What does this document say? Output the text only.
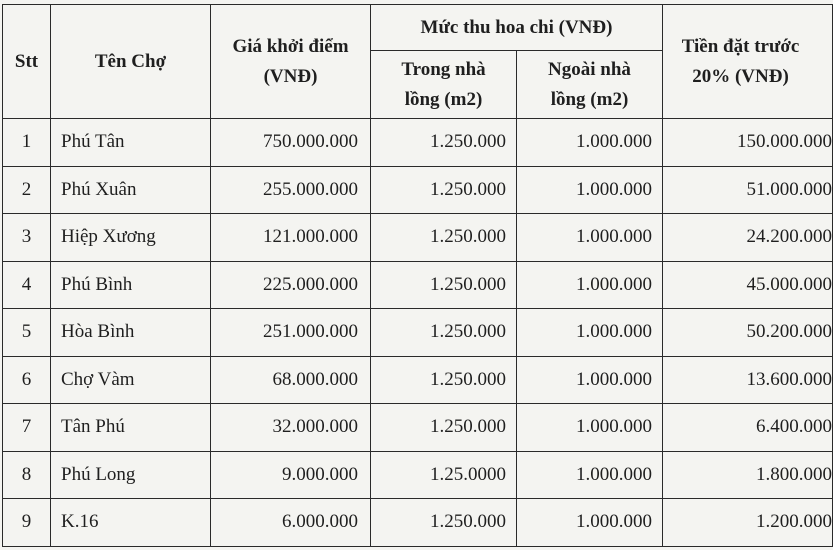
Stt	Tên Chợ	Giá khởi điểm (VNĐ)	Mức thu hoa chi (VNĐ)		Tiền đặt trước 20% (VNĐ)
			Trong nhà lồng (m2)	Ngoài nhà lồng (m2)	
1	Phú Tân	750.000.000	1.250.000	1.000.000	150.000.000
2	Phú Xuân	255.000.000	1.250.000	1.000.000	51.000.000
3	Hiệp Xương	121.000.000	1.250.000	1.000.000	24.200.000
4	Phú Bình	225.000.000	1.250.000	1.000.000	45.000.000
5	Hòa Bình	251.000.000	1.250.000	1.000.000	50.200.000
6	Chợ Vàm	68.000.000	1.250.000	1.000.000	13.600.000
7	Tân Phú	32.000.000	1.250.000	1.000.000	6.400.000
8	Phú Long	9.000.000	1.25.0000	1.000.000	1.800.000
9	K.16	6.000.000	1.250.000	1.000.000	1.200.000
